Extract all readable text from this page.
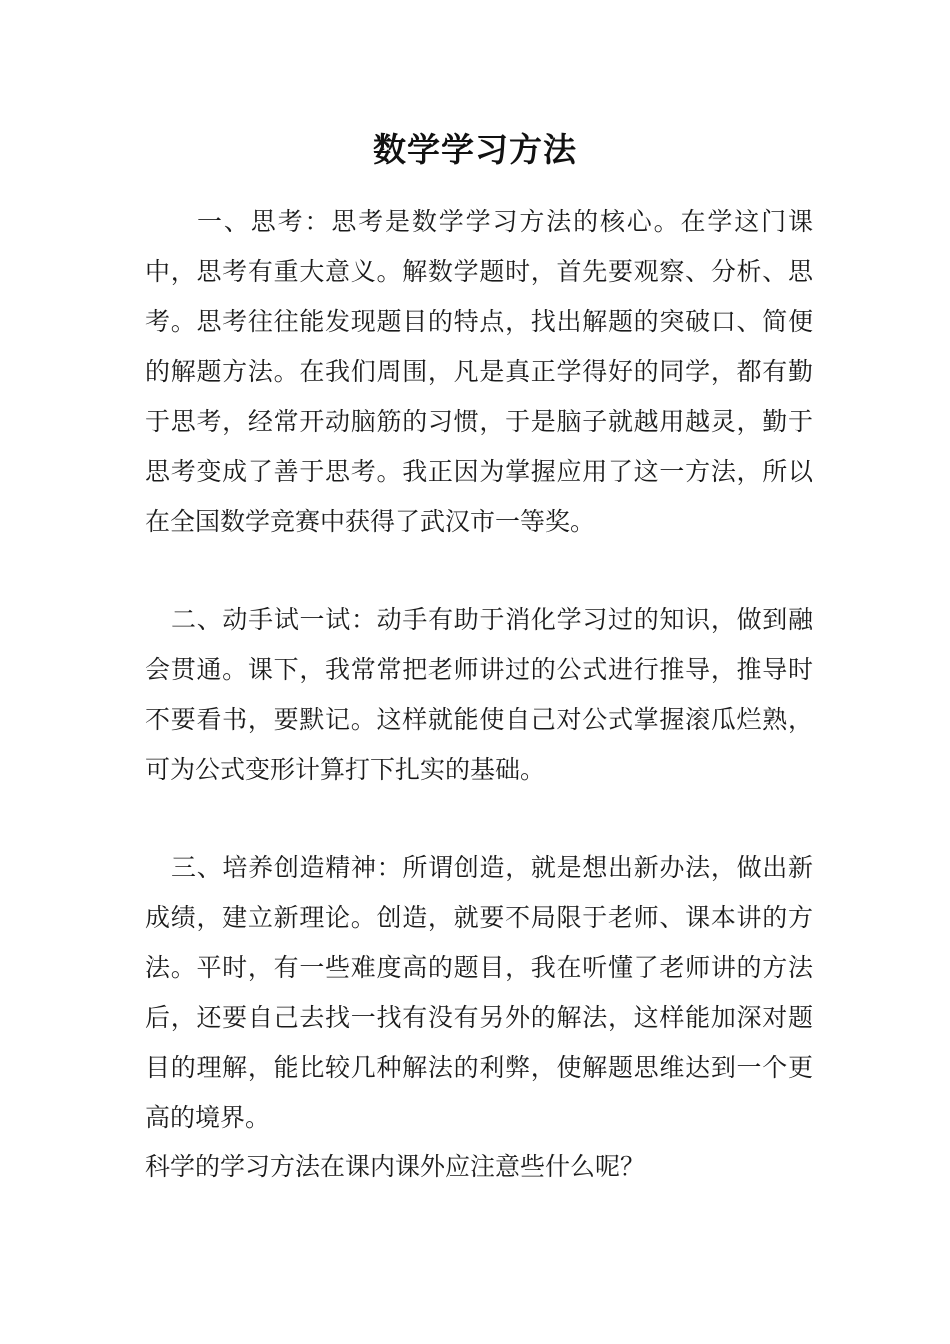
数学学习方法

一、思考：思考是数学学习方法的核心。在学这门课中，思考有重大意义。解数学题时，首先要观察、分析、思考。思考往往能发现题目的特点，找出解题的突破口、简便的解题方法。在我们周围，凡是真正学得好的同学，都有勤于思考，经常开动脑筋的习惯，于是脑子就越用越灵，勤于思考变成了善于思考。我正因为掌握应用了这一方法，所以在全国数学竞赛中获得了武汉市一等奖。

二、动手试一试：动手有助于消化学习过的知识，做到融会贯通。课下，我常常把老师讲过的公式进行推导，推导时不要看书，要默记。这样就能使自己对公式掌握滚瓜烂熟，可为公式变形计算打下扎实的基础。

三、培养创造精神：所谓创造，就是想出新办法，做出新成绩，建立新理论。创造，就要不局限于老师、课本讲的方法。平时，有一些难度高的题目，我在听懂了老师讲的方法后，还要自己去找一找有没有另外的解法，这样能加深对题目的理解，能比较几种解法的利弊，使解题思维达到一个更高的境界。

科学的学习方法在课内课外应注意些什么呢？
